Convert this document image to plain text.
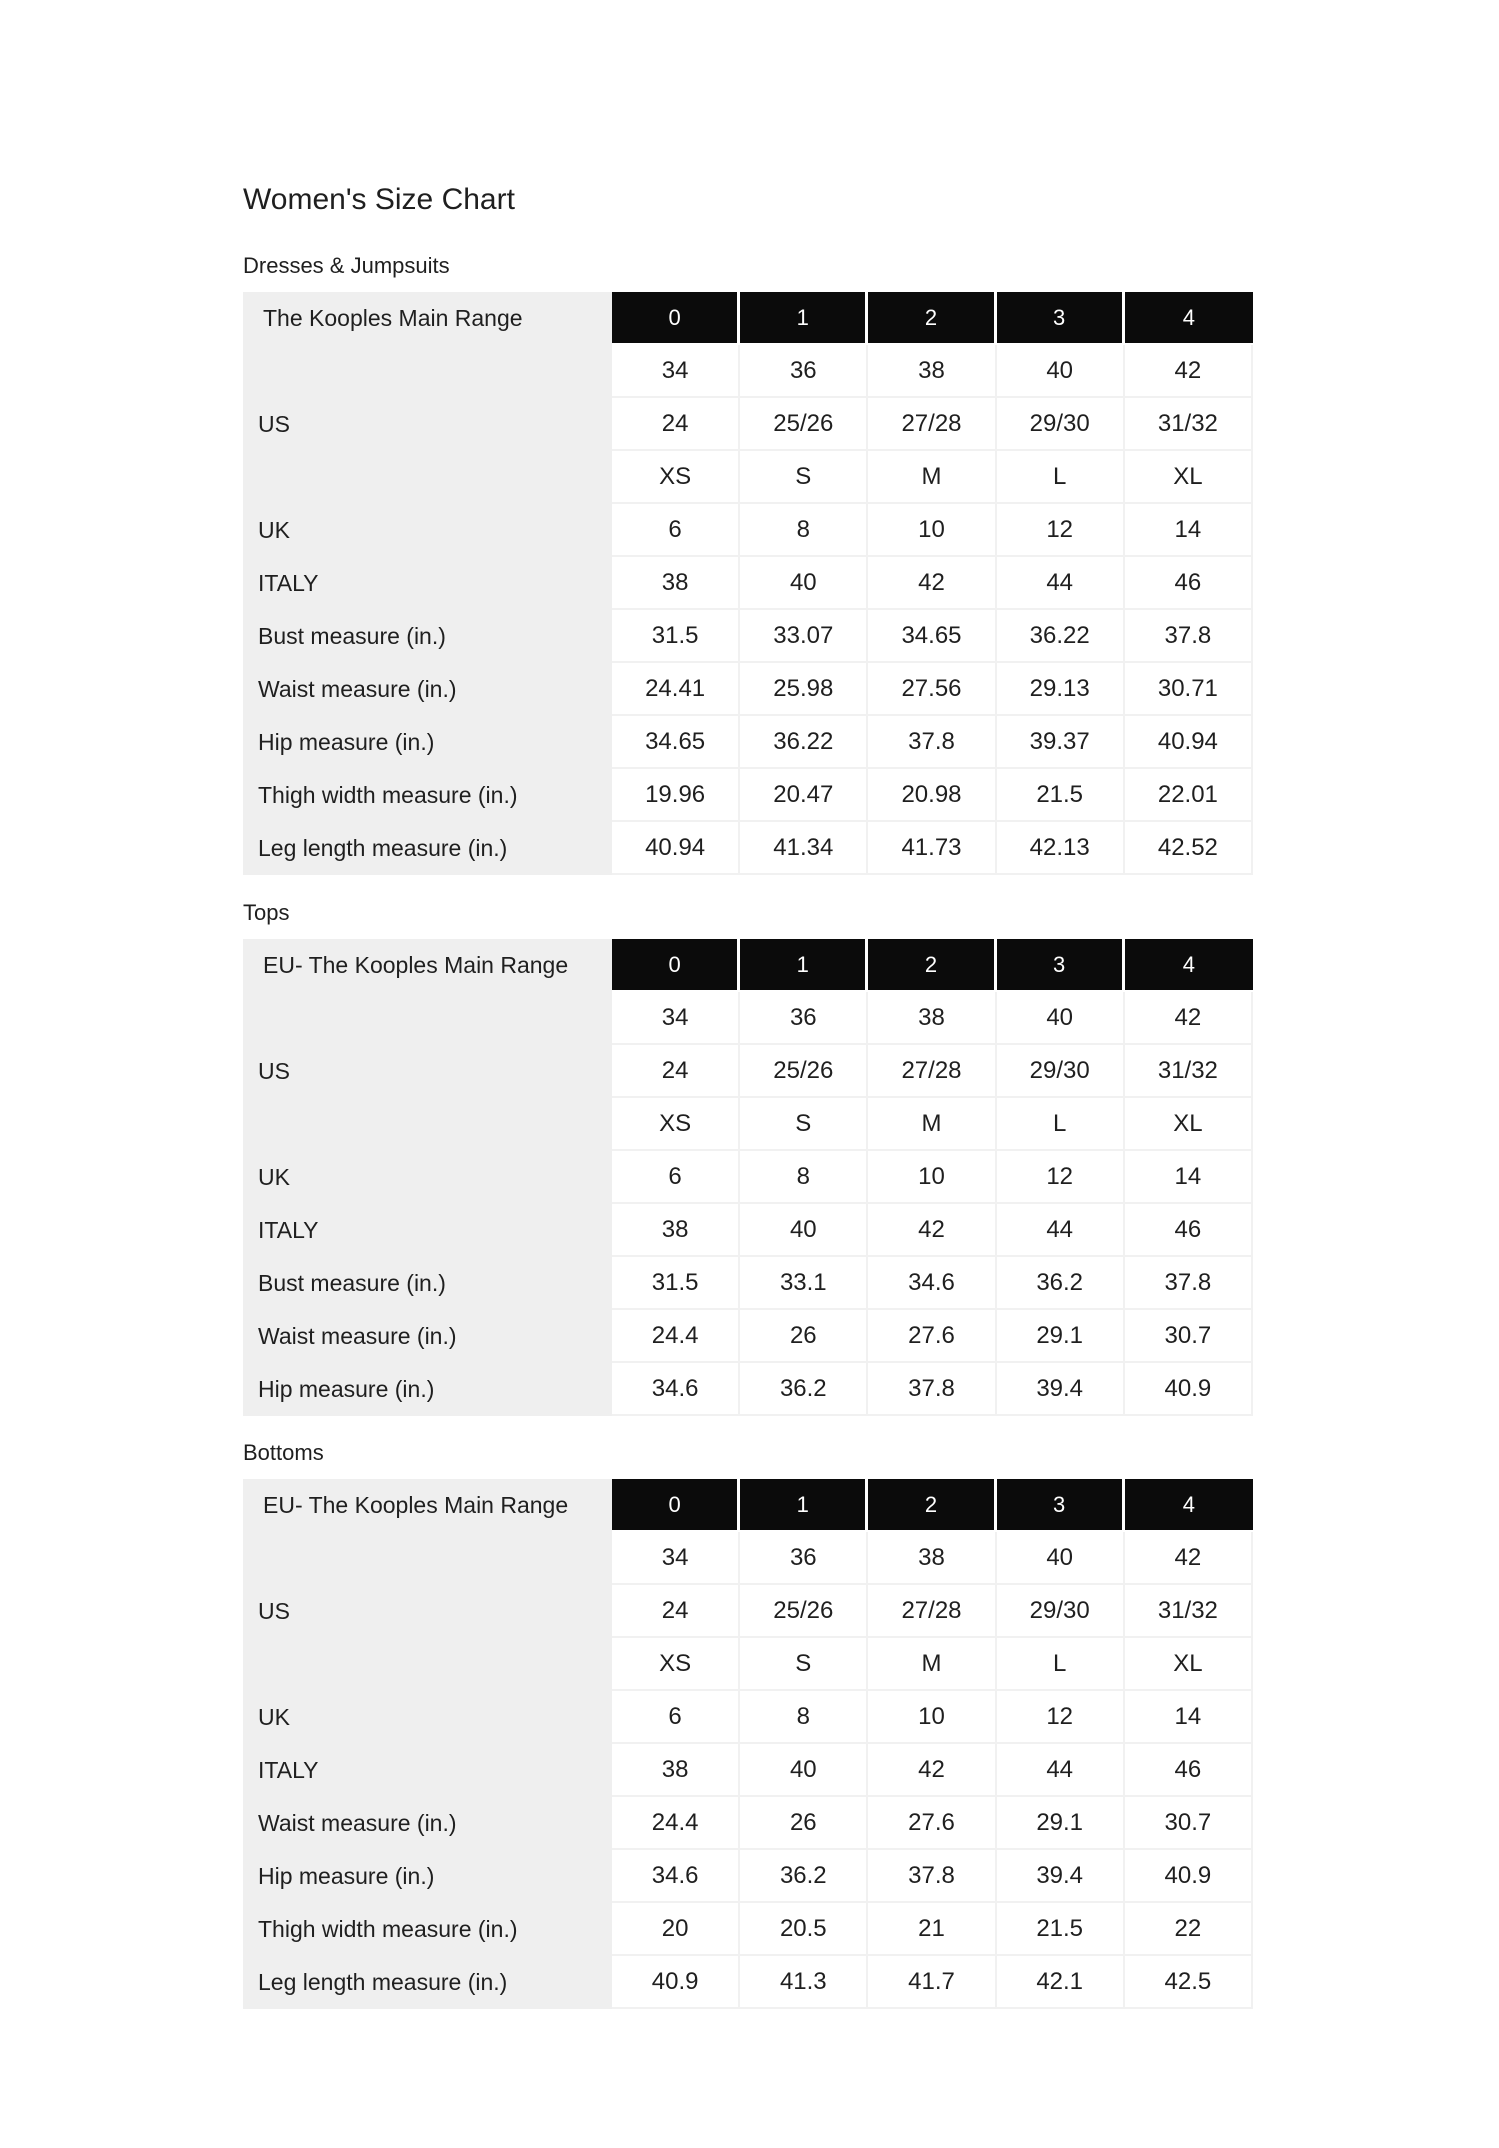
Women's Size Chart
Dresses & Jumpsuits
The Kooples Main Range	0	1	2	3	4
	34	36	38	40	42
US	24	25/26	27/28	29/30	31/32
	XS	S	M	L	XL
UK	6	8	10	12	14
ITALY	38	40	42	44	46
Bust measure (in.)	31.5	33.07	34.65	36.22	37.8
Waist measure (in.)	24.41	25.98	27.56	29.13	30.71
Hip measure (in.)	34.65	36.22	37.8	39.37	40.94
Thigh width measure (in.)	19.96	20.47	20.98	21.5	22.01
Leg length measure (in.)	40.94	41.34	41.73	42.13	42.52
Tops
EU- The Kooples Main Range	0	1	2	3	4
	34	36	38	40	42
US	24	25/26	27/28	29/30	31/32
	XS	S	M	L	XL
UK	6	8	10	12	14
ITALY	38	40	42	44	46
Bust measure (in.)	31.5	33.1	34.6	36.2	37.8
Waist measure (in.)	24.4	26	27.6	29.1	30.7
Hip measure (in.)	34.6	36.2	37.8	39.4	40.9
Bottoms
EU- The Kooples Main Range	0	1	2	3	4
	34	36	38	40	42
US	24	25/26	27/28	29/30	31/32
	XS	S	M	L	XL
UK	6	8	10	12	14
ITALY	38	40	42	44	46
Waist measure (in.)	24.4	26	27.6	29.1	30.7
Hip measure (in.)	34.6	36.2	37.8	39.4	40.9
Thigh width measure (in.)	20	20.5	21	21.5	22
Leg length measure (in.)	40.9	41.3	41.7	42.1	42.5
